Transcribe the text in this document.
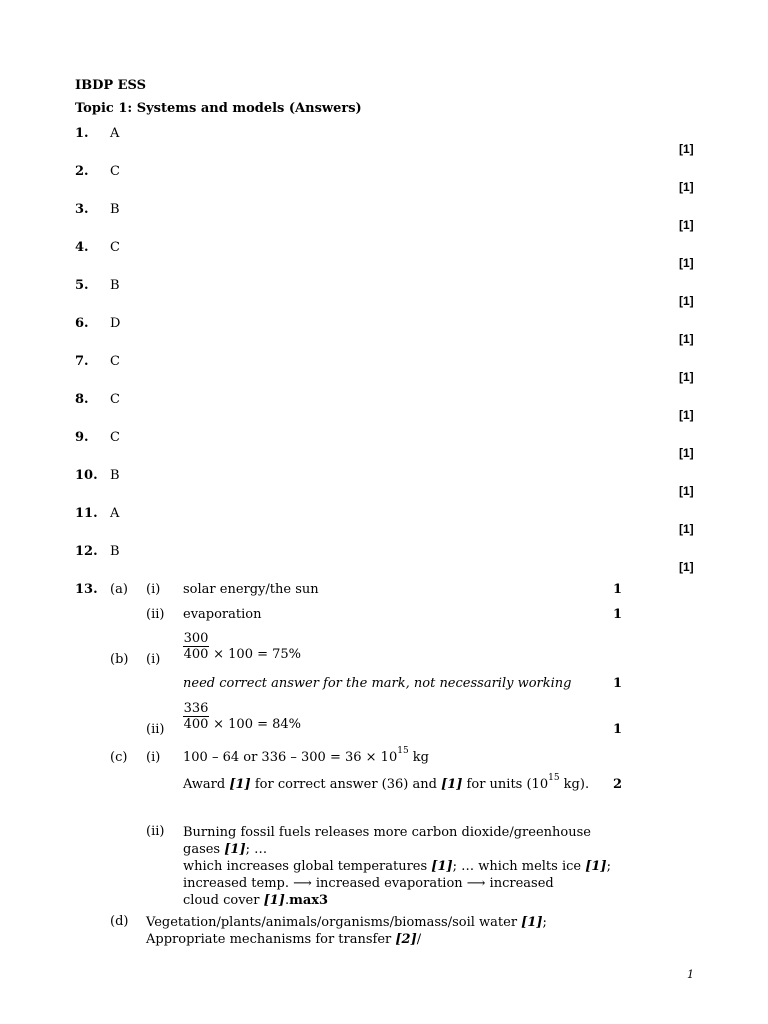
IBDP ESS
Topic 1: Systems and models (Answers)
1. A
[1]
2. C
[1]
3. B
[1]
4. C
[1]
5. B
[1]
6. D
[1]
7. C
[1]
8. C
[1]
9. C
[1]
10. B
[1]
11. A
[1]
12. B
[1]
13. (a) (i) solar energy/the sun	1
(ii) evaporation	1
(b) (i)
300
400 × 100 = 75%
need correct answer for the mark, not necessarily working	1
(ii)
336
400 × 100 = 84%	1
(c) (i) 100 – 64 or $336 - 300 = 36 \times 10^{15}$ kg
Award [1] for correct answer (36) and [1] for units ($10^{15}$ kg). 2
(ii) Burning fossil fuels releases more carbon dioxide/greenhouse
gases [1]; …
which increases global temperatures [1]; … which melts ice [1];
increased temp. ⟶ increased evaporation ⟶ increased
cloud cover [1].max3
(d) Vegetation/plants/animals/organisms/biomass/soil water [1];
Appropriate mechanisms for transfer [2]/
1
